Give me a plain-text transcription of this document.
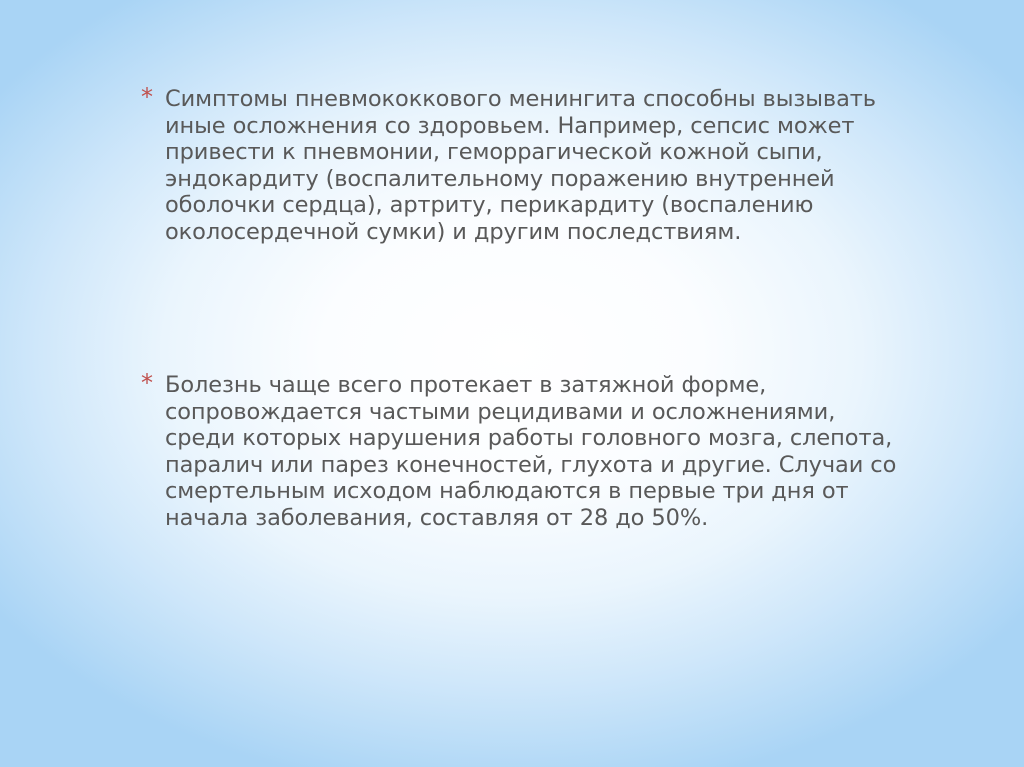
* Симптомы пневмококкового менингита способны вызывать иные осложнения со здоровьем. Например, сепсис может привести к пневмонии, геморрагической кожной сыпи, эндокардиту (воспалительному поражению внутренней оболочки сердца), артриту, перикардиту (воспалению околосердечной сумки) и другим последствиям.
* Болезнь чаще всего протекает в затяжной форме, сопровождается частыми рецидивами и осложнениями, среди которых нарушения работы головного мозга, слепота, паралич или парез конечностей, глухота и другие. Случаи со смертельным исходом наблюдаются в первые три дня от начала заболевания, составляя от 28 до 50%.
